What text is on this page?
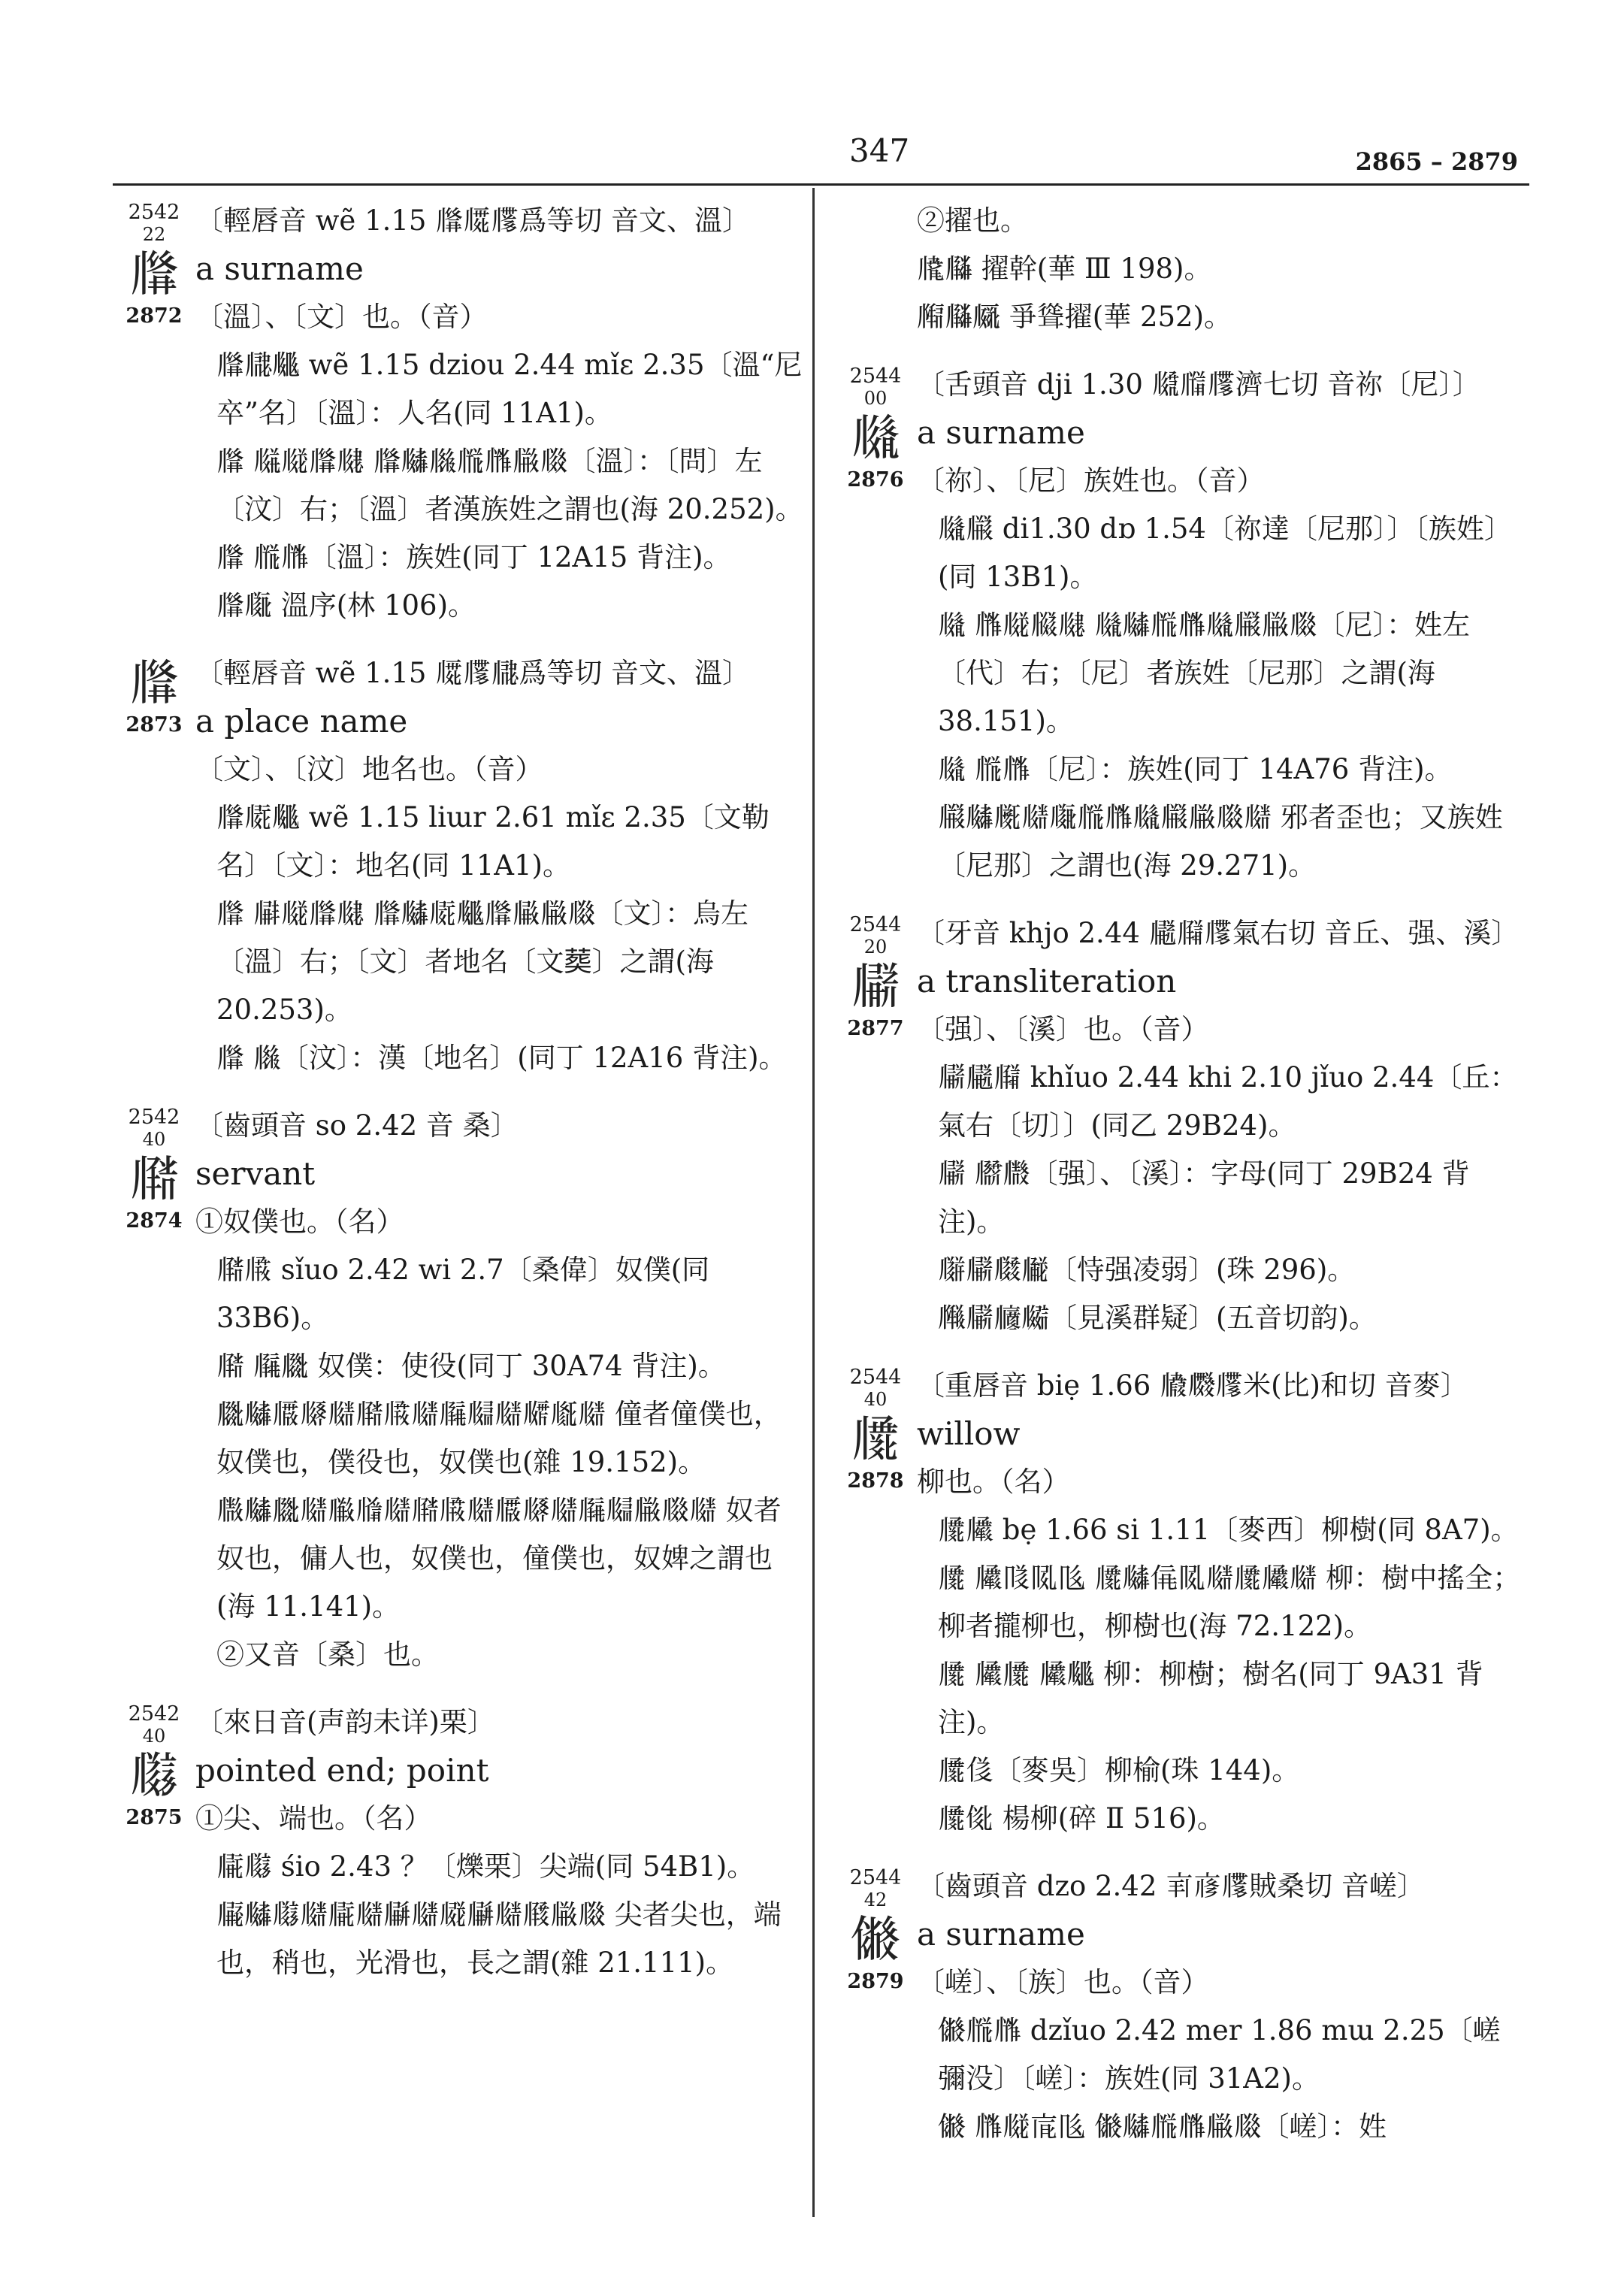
347	2865 – 2879
2542
22
𗆄
2872
〔輕唇音 wẽ 1.15 𗆄𗆅𗆆爲等切 音文、溫〕
a surname
〔溫〕、〔文〕也。（音）
𗆄𗆇𗆈 wẽ 1.15 dziou 2.44 mǐɛ 2.35〔溫“尼卒”名〕〔溫〕：人名(同 11A1)。
𗆄 𗆉𗆊𗆄𗆋 𗆄𗆌𗆍𗆎𗆏𗆐𗆑〔溫〕：〔問〕左〔汶〕右；〔溫〕者漢族姓之謂也(海 20.252)。
𗆄 𗆎𗆏〔溫〕：族姓(同丁 12A15 背注)。
𗆄𗆒 溫序(林 106)。
𗆄
2873
〔輕唇音 wẽ 1.15 𗆅𗆆𗆇爲等切 音文、溫〕
a place name
〔文〕、〔汶〕地名也。（音）
𗆄𗆓𗆈 wẽ 1.15 liɯr 2.61 mǐɛ 2.35〔文勒名〕〔文〕：地名(同 11A1)。
𗆄 𗆔𗆊𗆄𗆋 𗆄𗆌𗆓𗆈𗆄𗆕𗆐𗆑〔文〕：烏左〔溫〕右；〔文〕者地名〔文𦵏〕之謂(海 20.253)。
𗆄 𗆍〔汶〕：漢〔地名〕(同丁 12A16 背注)。
2542
40
𗆖
2874
〔齒頭音 so 2.42 音 桑〕
servant
①奴僕也。（名）
𗆖𗆗 sǐuo 2.42 wi 2.7〔桑偉〕奴僕(同 33B6)。
𗆖 𗆘𗆙 奴僕：使役(同丁 30A74 背注)。
𗆙𗆌𗆚𗆛𗆜𗆖𗆗𗆜𗆘𗆝𗆜𗆞𗆟𗆜 僮者僮僕也，奴僕也，僕役也，奴僕也(雜 19.152)。
𗆠𗆌𗆙𗆜𗆡𗆢𗆜𗆖𗆗𗆜𗆚𗆛𗆜𗆘𗆝𗆐𗆑𗆜 奴者奴也，傭人也，奴僕也，僮僕也，奴婢之謂也(海 11.141)。
②又音〔桑〕也。
2542
40
𗆣
2875
〔來日音(声韵未详)栗〕
pointed end; point
①尖、端也。（名）
𗆤𗆣 śio 2.43 ？〔爍栗〕尖端(同 54B1)。
𗆥𗆌𗆣𗆜𗆤𗆜𗆦𗆜𗆧𗆦𗆜𗆨𗆐𗆑 尖者尖也，端也，稍也，光滑也，長之謂(雜 21.111)。
②擢也。
𗆩𗆪 擢幹(華 Ⅲ 198)。
𗆫𗆪𗆬 爭聳擢(華 252)。
2544
00
𗆭
2876
〔舌頭音 dji 1.30 𗆮𗆯𗆆濟七切 音祢〔尼〕〕
a surname
〔祢〕、〔尼〕族姓也。（音）
𗆭𗆰 di1.30 dɒ 1.54〔祢達〔尼那〕〕〔族姓〕(同 13B1)。
𗆭 𗆏𗆊𗆱𗆋 𗆭𗆌𗆎𗆏𗆭𗆰𗆐𗆑〔尼〕：姓左〔代〕右；〔尼〕者族姓〔尼那〕之謂(海 38.151)。
𗆭 𗆎𗆏〔尼〕：族姓(同丁 14A76 背注)。
𗆰𗆌𗆲𗆜𗆳𗆎𗆏𗆭𗆰𗆐𗆑𗆜 邪者歪也；又族姓〔尼那〕之謂也(海 29.271)。
2544
20
𗆴
2877
〔牙音 khjo 2.44 𗆵𗆶𗆆氣右切 音丘、强、溪〕
a transliteration
〔强〕、〔溪〕也。（音）
𗆴𗆵𗆶 khǐuo 2.44 khi 2.10 jǐuo 2.44〔丘：氣右〔切〕〕(同乙 29B24)。
𗆴 𗆷𗆸〔强〕、〔溪〕：字母(同丁 29B24 背注)。
𗆹𗆴𗆺𗆻〔恃强凌弱〕(珠 296)。
𗆼𗆴𗆽𗆾〔見溪群疑〕(五音切韵)。
2544
40
𗆿
2878
〔重唇音 biẹ 1.66 𗇀𗇁𗆆米(比)和切 音麥〕
willow
柳也。（名）
𗆿𗇂 bẹ 1.66 si 1.11〔麥西〕柳樹(同 8A7)。
𗆿 𗇂𗇃𗇄𗇅 𗆿𗆌𗇆𗇄𗆜𗆿𗇂𗆜 柳：樹中搖全；柳者攏柳也，柳樹也(海 72.122)。
𗆿 𗇂𗆿 𗇂𗆈 柳：柳樹；樹名(同丁 9A31 背注)。
𗆿𗇇〔麥吳〕柳榆(珠 144)。
𗆿𗇈 楊柳(碎 Ⅱ 516)。
2544
42
𗇉
2879
〔齒頭音 dzo 2.42 𗇊𗇋𗆆賊桑切 音嵯〕
a surname
〔嵯〕、〔族〕也。（音）
𗇉𗆎𗆏 dzǐuo 2.42 mer 1.86 mɯ 2.25〔嵯彌没〕〔嵯〕：族姓(同 31A2)。
𗇉 𗆏𗆊𗇌𗇅 𗇉𗆌𗆎𗆏𗆐𗆑〔嵯〕：姓
